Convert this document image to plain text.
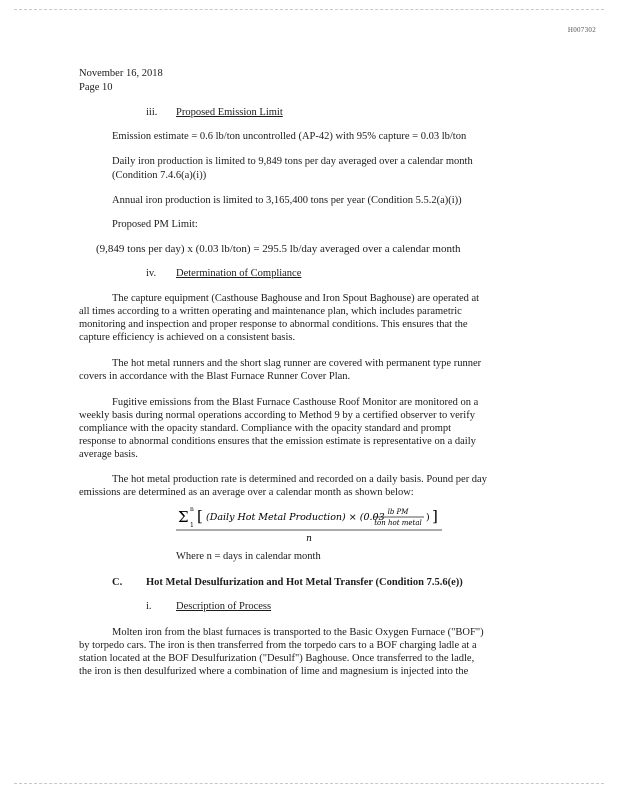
H007302
November 16, 2018
Page 10
iii. Proposed Emission Limit
Emission estimate = 0.6 lb/ton uncontrolled (AP-42) with 95% capture = 0.03 lb/ton
Daily iron production is limited to 9,849 tons per day averaged over a calendar month
(Condition 7.4.6(a)(i))
Annual iron production is limited to 3,165,400 tons per year (Condition 5.5.2(a)(i))
Proposed PM Limit:
(9,849 tons per day) x (0.03 lb/ton) = 295.5 lb/day averaged over a calendar month
iv. Determination of Compliance
The capture equipment (Casthouse Baghouse and Iron Spout Baghouse) are operated at
all times according to a written operating and maintenance plan, which includes parametric
monitoring and inspection and proper response to abnormal conditions. This ensures that the
capture efficiency is achieved on a consistent basis.
The hot metal runners and the short slag runner are covered with permanent type runner
covers in accordance with the Blast Furnace Runner Cover Plan.
Fugitive emissions from the Blast Furnace Casthouse Roof Monitor are monitored on a
weekly basis during normal operations according to Method 9 by a certified observer to verify
compliance with the opacity standard. Compliance with the opacity standard and prompt
response to abnormal conditions ensures that the emission estimate is representative on a daily
average basis.
The hot metal production rate is determined and recorded on a daily basis. Pound per day
emissions are determined as an average over a calendar month as shown below:
Σ n
1
[ (Daily Hot Metal Production) × (0.03 lb PM
ton hot metal ) ]
n
Where n = days in calendar month
C. Hot Metal Desulfurization and Hot Metal Transfer (Condition 7.5.6(e))
i. Description of Process
Molten iron from the blast furnaces is transported to the Basic Oxygen Furnace ("BOF")
by torpedo cars. The iron is then transferred from the torpedo cars to a BOF charging ladle at a
station located at the BOF Desulfurization ("Desulf") Baghouse. Once transferred to the ladle,
the iron is then desulfurized where a combination of lime and magnesium is injected into the
